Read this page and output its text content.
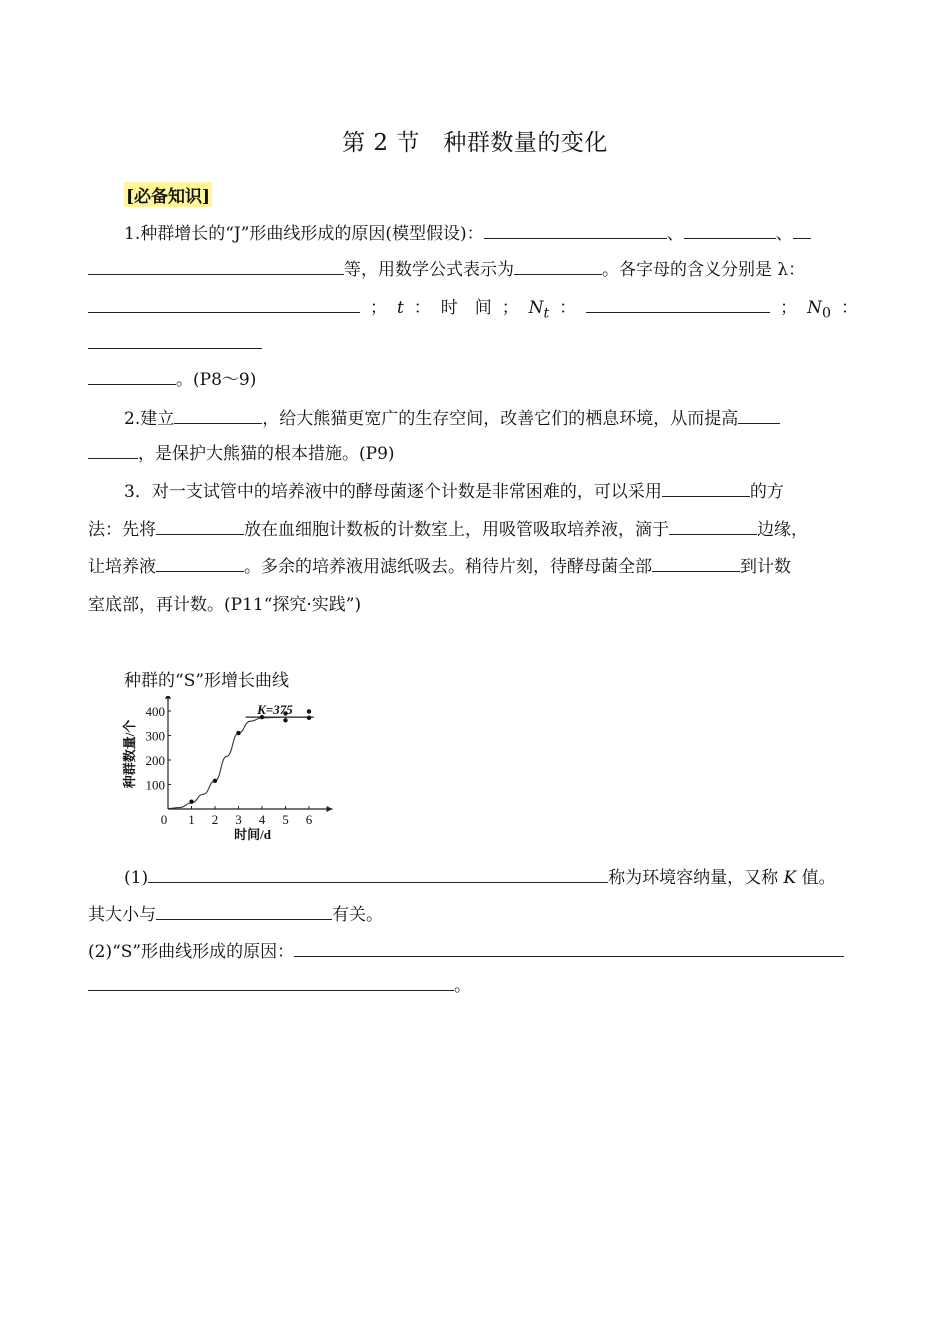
第 2 节　种群数量的变化
[必备知识]
1.种群增长的“J”形曲线形成的原因(模型假设)：	、	、
等，用数学公式表示为	。各字母的含义分别是 λ：
； t ： 时　间 ； $N_t$ ：	； $N_0$ ：
。(P8～9)
2.建立	，给大熊猫更宽广的生存空间，改善它们的栖息环境，从而提高
，是保护大熊猫的根本措施。(P9)
3．对一支试管中的培养液中的酵母菌逐个计数是非常困难的，可以采用	的方
法：先将	放在血细胞计数板的计数室上，用吸管吸取培养液，滴于	边缘，
让培养液	。多余的培养液用滤纸吸去。稍待片刻，待酵母菌全部	到计数
室底部，再计数。(P11“探究·实践”)
种群的“S”形增长曲线
0 1 2 3 4 5 6
100
200
300
400	K=375
时间/d
种群数量/个
(1)	称为环境容纳量，又称 K 值。
其大小与	有关。
(2)“S”形曲线形成的原因：
。
